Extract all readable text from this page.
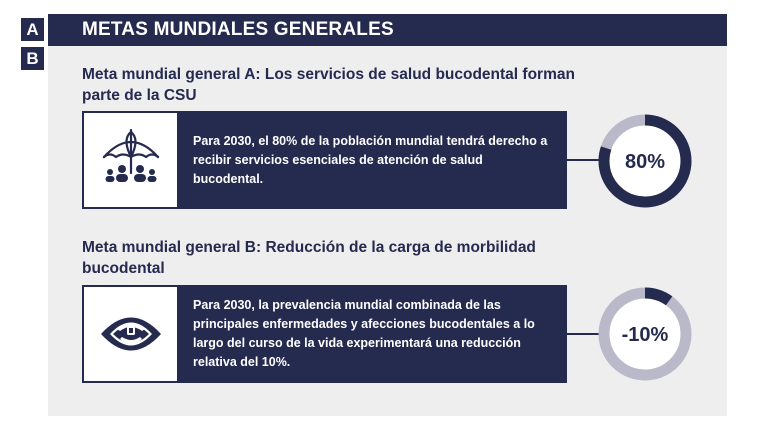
A
B
METAS MUNDIALES GENERALES
Meta mundial general A: Los servicios de salud bucodental forman parte de la CSU
Para 2030, el 80% de la población mundial tendrá derecho a recibir servicios esenciales de atención de salud bucodental.
80%
Meta mundial general B: Reducción de la carga de morbilidad bucodental
Para 2030, la prevalencia mundial combinada de las principales enfermedades y afecciones bucodentales a lo largo del curso de la vida experimentará una reducción relativa del 10%.
-10%
